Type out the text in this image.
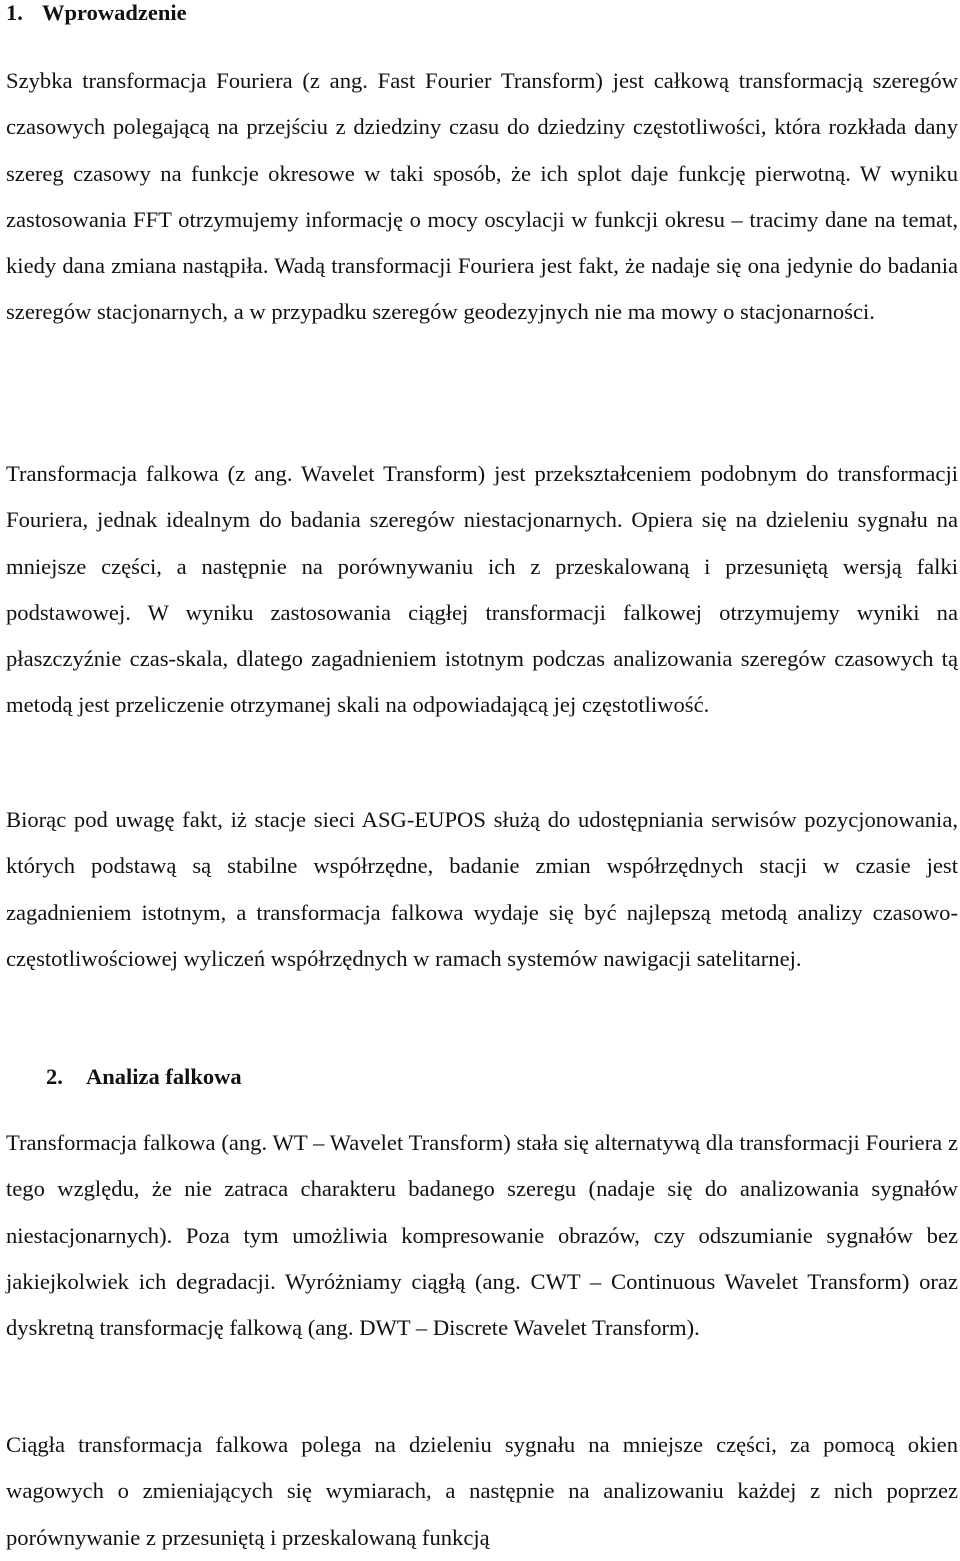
1. Wprowadzenie

Szybka transformacja Fouriera (z ang. Fast Fourier Transform) jest całkową transformacją szeregów czasowych polegającą na przejściu z dziedziny czasu do dziedziny częstotliwości, która rozkłada dany szereg czasowy na funkcje okresowe w taki sposób, że ich splot daje funkcję pierwotną. W wyniku zastosowania FFT otrzymujemy informację o mocy oscylacji w funkcji okresu – tracimy dane na temat, kiedy dana zmiana nastąpiła. Wadą transformacji Fouriera jest fakt, że nadaje się ona jedynie do badania szeregów stacjonarnych, a w przypadku szeregów geodezyjnych nie ma mowy o stacjonarności.

Transformacja falkowa (z ang. Wavelet Transform) jest przekształceniem podobnym do transformacji Fouriera, jednak idealnym do badania szeregów niestacjonarnych. Opiera się na dzieleniu sygnału na mniejsze części, a następnie na porównywaniu ich z przeskalowaną i przesuniętą wersją falki podstawowej. W wyniku zastosowania ciągłej transformacji falkowej otrzymujemy wyniki na płaszczyźnie czas-skala, dlatego zagadnieniem istotnym podczas analizowania szeregów czasowych tą metodą jest przeliczenie otrzymanej skali na odpowiadającą jej częstotliwość.

Biorąc pod uwagę fakt, iż stacje sieci ASG-EUPOS służą do udostępniania serwisów pozycjonowania, których podstawą są stabilne współrzędne, badanie zmian współrzędnych stacji w czasie jest zagadnieniem istotnym, a transformacja falkowa wydaje się być najlepszą metodą analizy czasowo-częstotliwościowej wyliczeń współrzędnych w ramach systemów nawigacji satelitarnej.

2. Analiza falkowa

Transformacja falkowa (ang. WT – Wavelet Transform) stała się alternatywą dla transformacji Fouriera z tego względu, że nie zatraca charakteru badanego szeregu (nadaje się do analizowania sygnałów niestacjonarnych). Poza tym umożliwia kompresowanie obrazów, czy odszumianie sygnałów bez jakiejkolwiek ich degradacji. Wyróżniamy ciągłą (ang. CWT – Continuous Wavelet Transform) oraz dyskretną transformację falkową (ang. DWT – Discrete Wavelet Transform).

Ciągła transformacja falkowa polega na dzieleniu sygnału na mniejsze części, za pomocą okien wagowych o zmieniających się wymiarach, a następnie na analizowaniu każdej z nich poprzez porównywanie z przesuniętą i przeskalowaną funkcją
